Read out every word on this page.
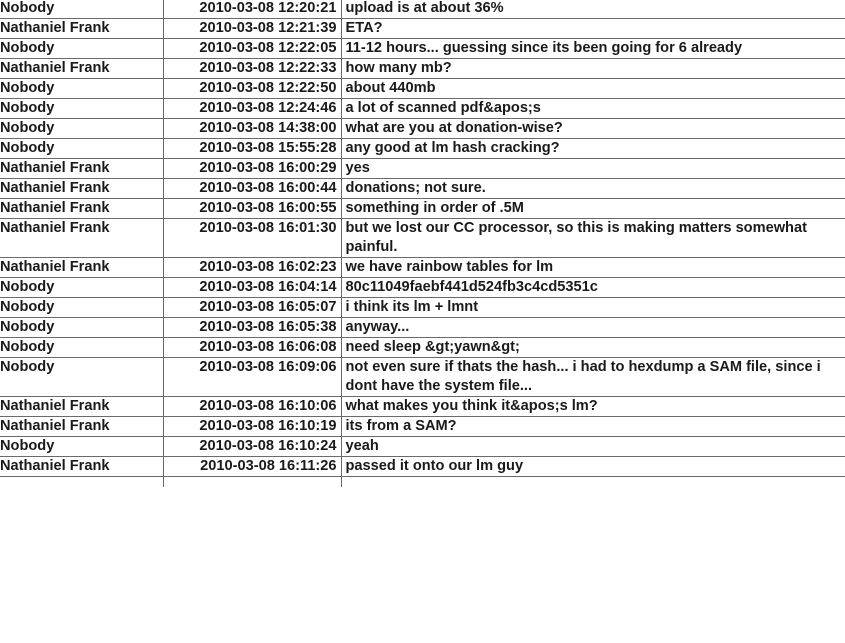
Nobody	2010-03-08 12:20:21	upload is at about 36%
Nathaniel Frank	2010-03-08 12:21:39	ETA?
Nobody	2010-03-08 12:22:05	11-12 hours... guessing since its been going for 6 already
Nathaniel Frank	2010-03-08 12:22:33	how many mb?
Nobody	2010-03-08 12:22:50	about 440mb
Nobody	2010-03-08 12:24:46	a lot of scanned pdf&apos;s
Nobody	2010-03-08 14:38:00	what are you at donation-wise?
Nobody	2010-03-08 15:55:28	any good at lm hash cracking?
Nathaniel Frank	2010-03-08 16:00:29	yes
Nathaniel Frank	2010-03-08 16:00:44	donations; not sure.
Nathaniel Frank	2010-03-08 16:00:55	something in order of .5M
Nathaniel Frank	2010-03-08 16:01:30	but we lost our CC processor, so this is making matters somewhat painful.
Nathaniel Frank	2010-03-08 16:02:23	we have rainbow tables for lm
Nobody	2010-03-08 16:04:14	80c11049faebf441d524fb3c4cd5351c
Nobody	2010-03-08 16:05:07	i think its lm + lmnt
Nobody	2010-03-08 16:05:38	anyway...
Nobody	2010-03-08 16:06:08	need sleep &gt;yawn&gt;
Nobody	2010-03-08 16:09:06	not even sure if thats the hash... i had to hexdump a SAM file, since i dont have the system file...
Nathaniel Frank	2010-03-08 16:10:06	what makes you think it&apos;s lm?
Nathaniel Frank	2010-03-08 16:10:19	its from a SAM?
Nobody	2010-03-08 16:10:24	yeah
Nathaniel Frank	2010-03-08 16:11:26	passed it onto our lm guy
